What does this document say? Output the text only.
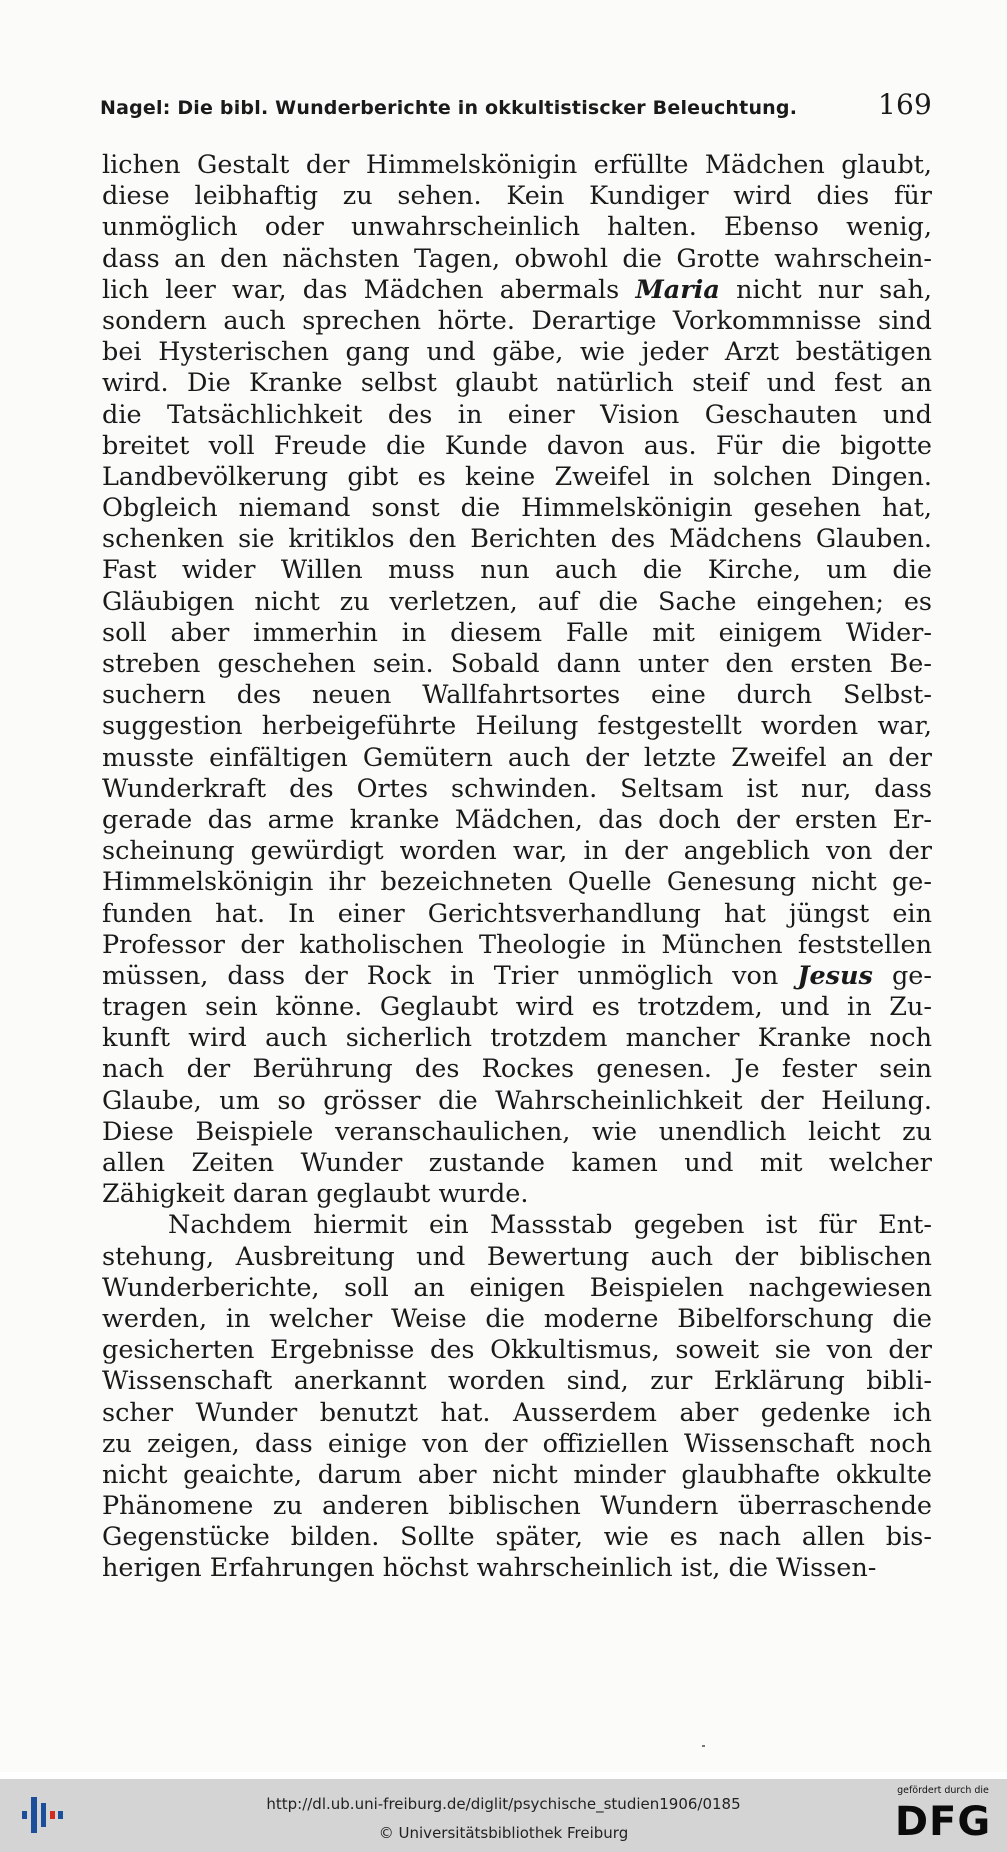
Nagel: Die bibl. Wunderberichte in okkultistiscker Beleuchtung.	169
lichen Gestalt der Himmelskönigin erfüllte Mädchen glaubt,
diese leibhaftig zu sehen. Kein Kundiger wird dies für
unmöglich oder unwahrscheinlich halten. Ebenso wenig,
dass an den nächsten Tagen, obwohl die Grotte wahrschein-
lich leer war, das Mädchen abermals Maria nicht nur sah,
sondern auch sprechen hörte. Derartige Vorkommnisse sind
bei Hysterischen gang und gäbe, wie jeder Arzt bestätigen
wird. Die Kranke selbst glaubt natürlich steif und fest an
die Tatsächlichkeit des in einer Vision Geschauten und
breitet voll Freude die Kunde davon aus. Für die bigotte
Landbevölkerung gibt es keine Zweifel in solchen Dingen.
Obgleich niemand sonst die Himmelskönigin gesehen hat,
schenken sie kritiklos den Berichten des Mädchens Glauben.
Fast wider Willen muss nun auch die Kirche, um die
Gläubigen nicht zu verletzen, auf die Sache eingehen; es
soll aber immerhin in diesem Falle mit einigem Wider-
streben geschehen sein. Sobald dann unter den ersten Be-
suchern des neuen Wallfahrtsortes eine durch Selbst-
suggestion herbeigeführte Heilung festgestellt worden war,
musste einfältigen Gemütern auch der letzte Zweifel an der
Wunderkraft des Ortes schwinden. Seltsam ist nur, dass
gerade das arme kranke Mädchen, das doch der ersten Er-
scheinung gewürdigt worden war, in der angeblich von der
Himmelskönigin ihr bezeichneten Quelle Genesung nicht ge-
funden hat. In einer Gerichtsverhandlung hat jüngst ein
Professor der katholischen Theologie in München feststellen
müssen, dass der Rock in Trier unmöglich von Jesus ge-
tragen sein könne. Geglaubt wird es trotzdem, und in Zu-
kunft wird auch sicherlich trotzdem mancher Kranke noch
nach der Berührung des Rockes genesen. Je fester sein
Glaube, um so grösser die Wahrscheinlichkeit der Heilung.
Diese Beispiele veranschaulichen, wie unendlich leicht zu
allen Zeiten Wunder zustande kamen und mit welcher
Zähigkeit daran geglaubt wurde.
Nachdem hiermit ein Massstab gegeben ist für Ent-
stehung, Ausbreitung und Bewertung auch der biblischen
Wunderberichte, soll an einigen Beispielen nachgewiesen
werden, in welcher Weise die moderne Bibelforschung die
gesicherten Ergebnisse des Okkultismus, soweit sie von der
Wissenschaft anerkannt worden sind, zur Erklärung bibli-
scher Wunder benutzt hat. Ausserdem aber gedenke ich
zu zeigen, dass einige von der offiziellen Wissenschaft noch
nicht geaichte, darum aber nicht minder glaubhafte okkulte
Phänomene zu anderen biblischen Wundern überraschende
Gegenstücke bilden. Sollte später, wie es nach allen bis-
herigen Erfahrungen höchst wahrscheinlich ist, die Wissen-
http://dl.ub.uni-freiburg.de/diglit/psychische_studien1906/0185
© Universitätsbibliothek Freiburg
gefördert durch die
DFG
